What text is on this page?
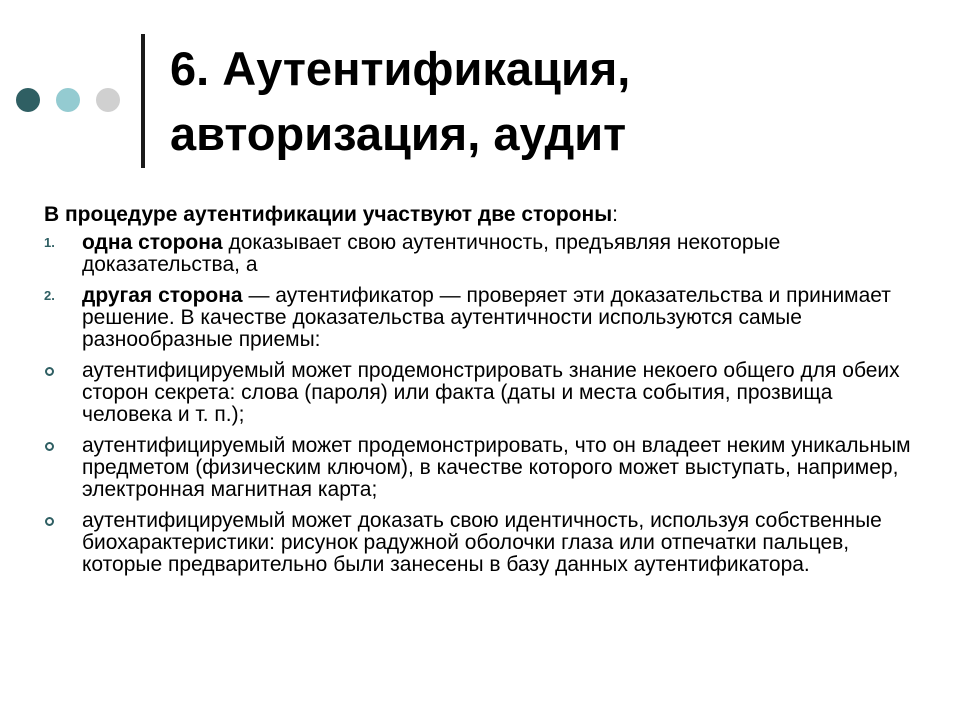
6. Аутентификация,
авторизация, аудит

В процедуре аутентификации участвуют две стороны:

1. одна сторона доказывает свою аутентичность, предъявляя некоторые доказательства, а
2. другая сторона — аутентификатор — проверяет эти доказательства и принимает решение. В качестве доказательства аутентичности используются самые разнообразные приемы:
аутентифицируемый может продемонстрировать знание некоего общего для обеих сторон секрета: слова (пароля) или факта (даты и места события, прозвища человека и т. п.);
аутентифицируемый может продемонстрировать, что он владеет неким уникальным предметом (физическим ключом), в качестве которого может выступать, например, электронная магнитная карта;
аутентифицируемый может доказать свою идентичность, используя собственные биохарактеристики: рисунок радужной оболочки глаза или отпечатки пальцев, которые предварительно были занесены в базу данных аутентификатора.
